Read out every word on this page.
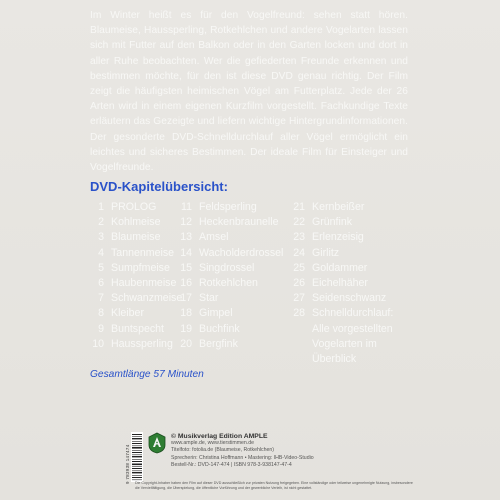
Im Winter heißt es für den Vogelfreund: sehen statt hören. Blaumeise, Haussperling, Rotkehlchen und andere Vogelarten lassen sich mit Futter auf den Balkon oder in den Garten locken und dort in aller Ruhe beobachten. Wer die gefiederten Freunde erkennen und bestimmen möchte, für den ist diese DVD genau richtig. Der Film zeigt die häufigsten heimischen Vögel am Futterplatz. Jede der 26 Arten wird in einem eigenen Kurzfilm vorgestellt. Fachkundige Texte erläutern das Gezeigte und liefern wichtige Hintergrundinformationen. Der gesonderte DVD-Schnelldurchlauf aller Vögel ermöglicht ein leichtes und sicheres Bestimmen. Der ideale Film für Einsteiger und Vogelfreunde.

DVD-Kapitelübersicht:
1 PROLOG
2 Kohlmeise
3 Blaumeise
4 Tannenmeise
5 Sumpfmeise
6 Haubenmeise
7 Schwanzmeise
8 Kleiber
9 Buntspecht
10 Haussperling
11 Feldsperling
12 Heckenbraunelle
13 Amsel
14 Wacholderdrossel
15 Singdrossel
16 Rotkehlchen
17 Star
18 Gimpel
19 Buchfink
20 Bergfink
21 Kernbeißer
22 Grünfink
23 Erlenzeisig
24 Girlitz
25 Goldammer
26 Eichelhäher
27 Seidenschwanz
28 Schnelldurchlauf:
Alle vorgestellten
Vogelarten im
Überblick
Gesamtlänge 57 Minuten
9 783938 147474
© Musikverlag Edition AMPLE
www.ample.de, www.tierstimmen.de
Titelfoto: fotolia.de (Blaumeise, Rotkehlchen)
Sprecherin: Christina Hoffmann • Mastering: IHB-Video-Studio
Bestell-Nr.: DVD-147-474 | ISBN 978-3-938147-47-4
Die Copyright-Inhaber haben den Film auf dieser DVD ausschließlich zur privaten Nutzung freigegeben. Eine vollständige oder teilweise ungenehmigte Nutzung, insbesondere die Vervielfältigung, die Überspielung, die öffentliche Vorführung und der gewerbliche Verleih, ist nicht gestattet.
